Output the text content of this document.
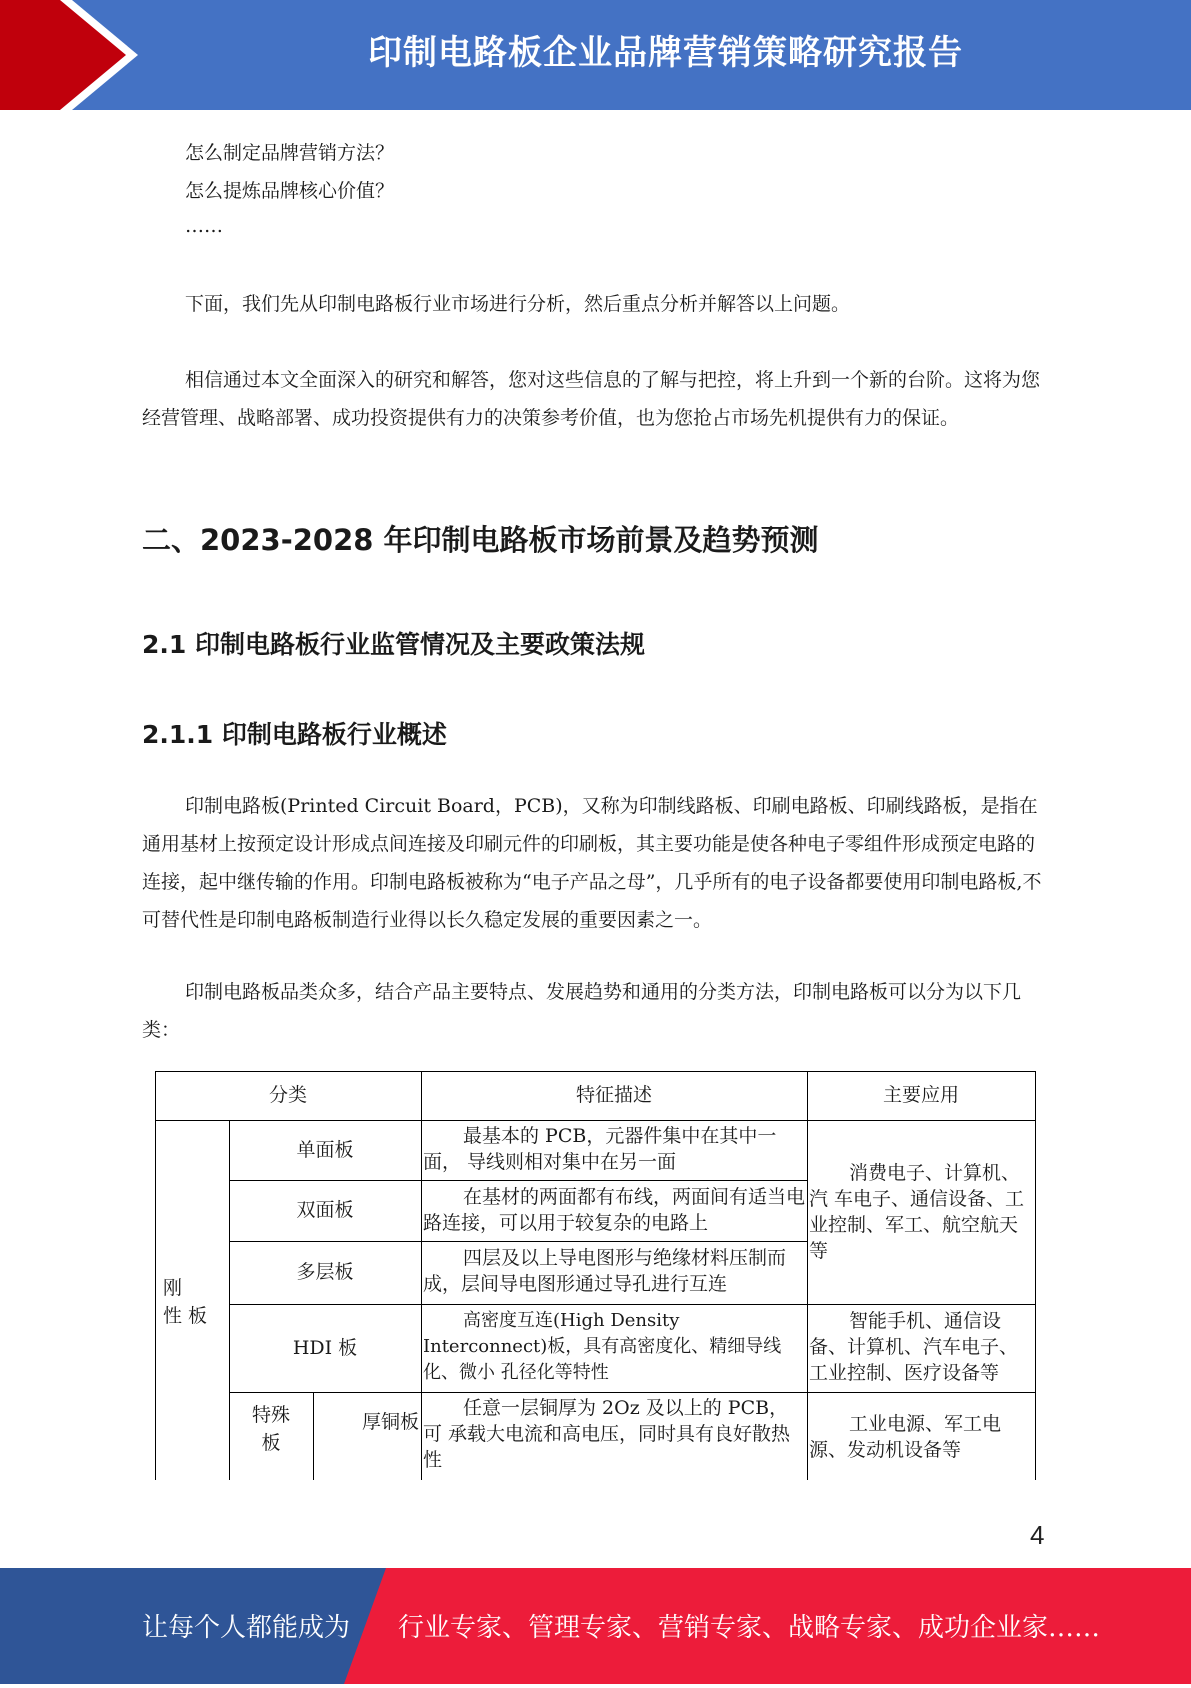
印制电路板企业品牌营销策略研究报告
怎么制定品牌营销方法？
怎么提炼品牌核心价值？
……
下面，我们先从印制电路板行业市场进行分析，然后重点分析并解答以上问题。
相信通过本文全面深入的研究和解答，您对这些信息的了解与把控，将上升到一个新的台阶。这将为您经营管理、战略部署、成功投资提供有力的决策参考价值，也为您抢占市场先机提供有力的保证。
二、2023-2028 年印制电路板市场前景及趋势预测
2.1 印制电路板行业监管情况及主要政策法规
2.1.1 印制电路板行业概述
印制电路板(Printed Circuit Board，PCB)，又称为印制线路板、印刷电路板、印刷线路板，是指在通用基材上按预定设计形成点间连接及印刷元件的印刷板，其主要功能是使各种电子零组件形成预定电路的连接，起中继传输的作用。印制电路板被称为“电子产品之母”，几乎所有的电子设备都要使用印制电路板,不可替代性是印制电路板制造行业得以长久稳定发展的重要因素之一。
印制电路板品类众多，结合产品主要特点、发展趋势和通用的分类方法，印制电路板可以分为以下几类：
分类	特征描述	主要应用
刚
性 板
单面板
双面板
多层板
HDI 板
特殊
板
厚铜板
最基本的 PCB，元器件集中在其中一面， 导线则相对集中在另一面
在基材的两面都有布线，两面间有适当电路连接，可以用于较复杂的电路上
四层及以上导电图形与绝缘材料压制而成，层间导电图形通过导孔进行互连
高密度互连(High Density Interconnect)板，具有高密度化、精细导线化、微小 孔径化等特性
任意一层铜厚为 2Oz 及以上的 PCB，可 承载大电流和高电压，同时具有良好散热性
消费电子、计算机、汽 车电子、通信设备、工业控制、军工、航空航天等
智能手机、通信设备、计算机、汽车电子、工业控制、医疗设备等
工业电源、军工电源、发动机设备等
4
让每个人都能成为 行业专家、管理专家、营销专家、战略专家、成功企业家……
